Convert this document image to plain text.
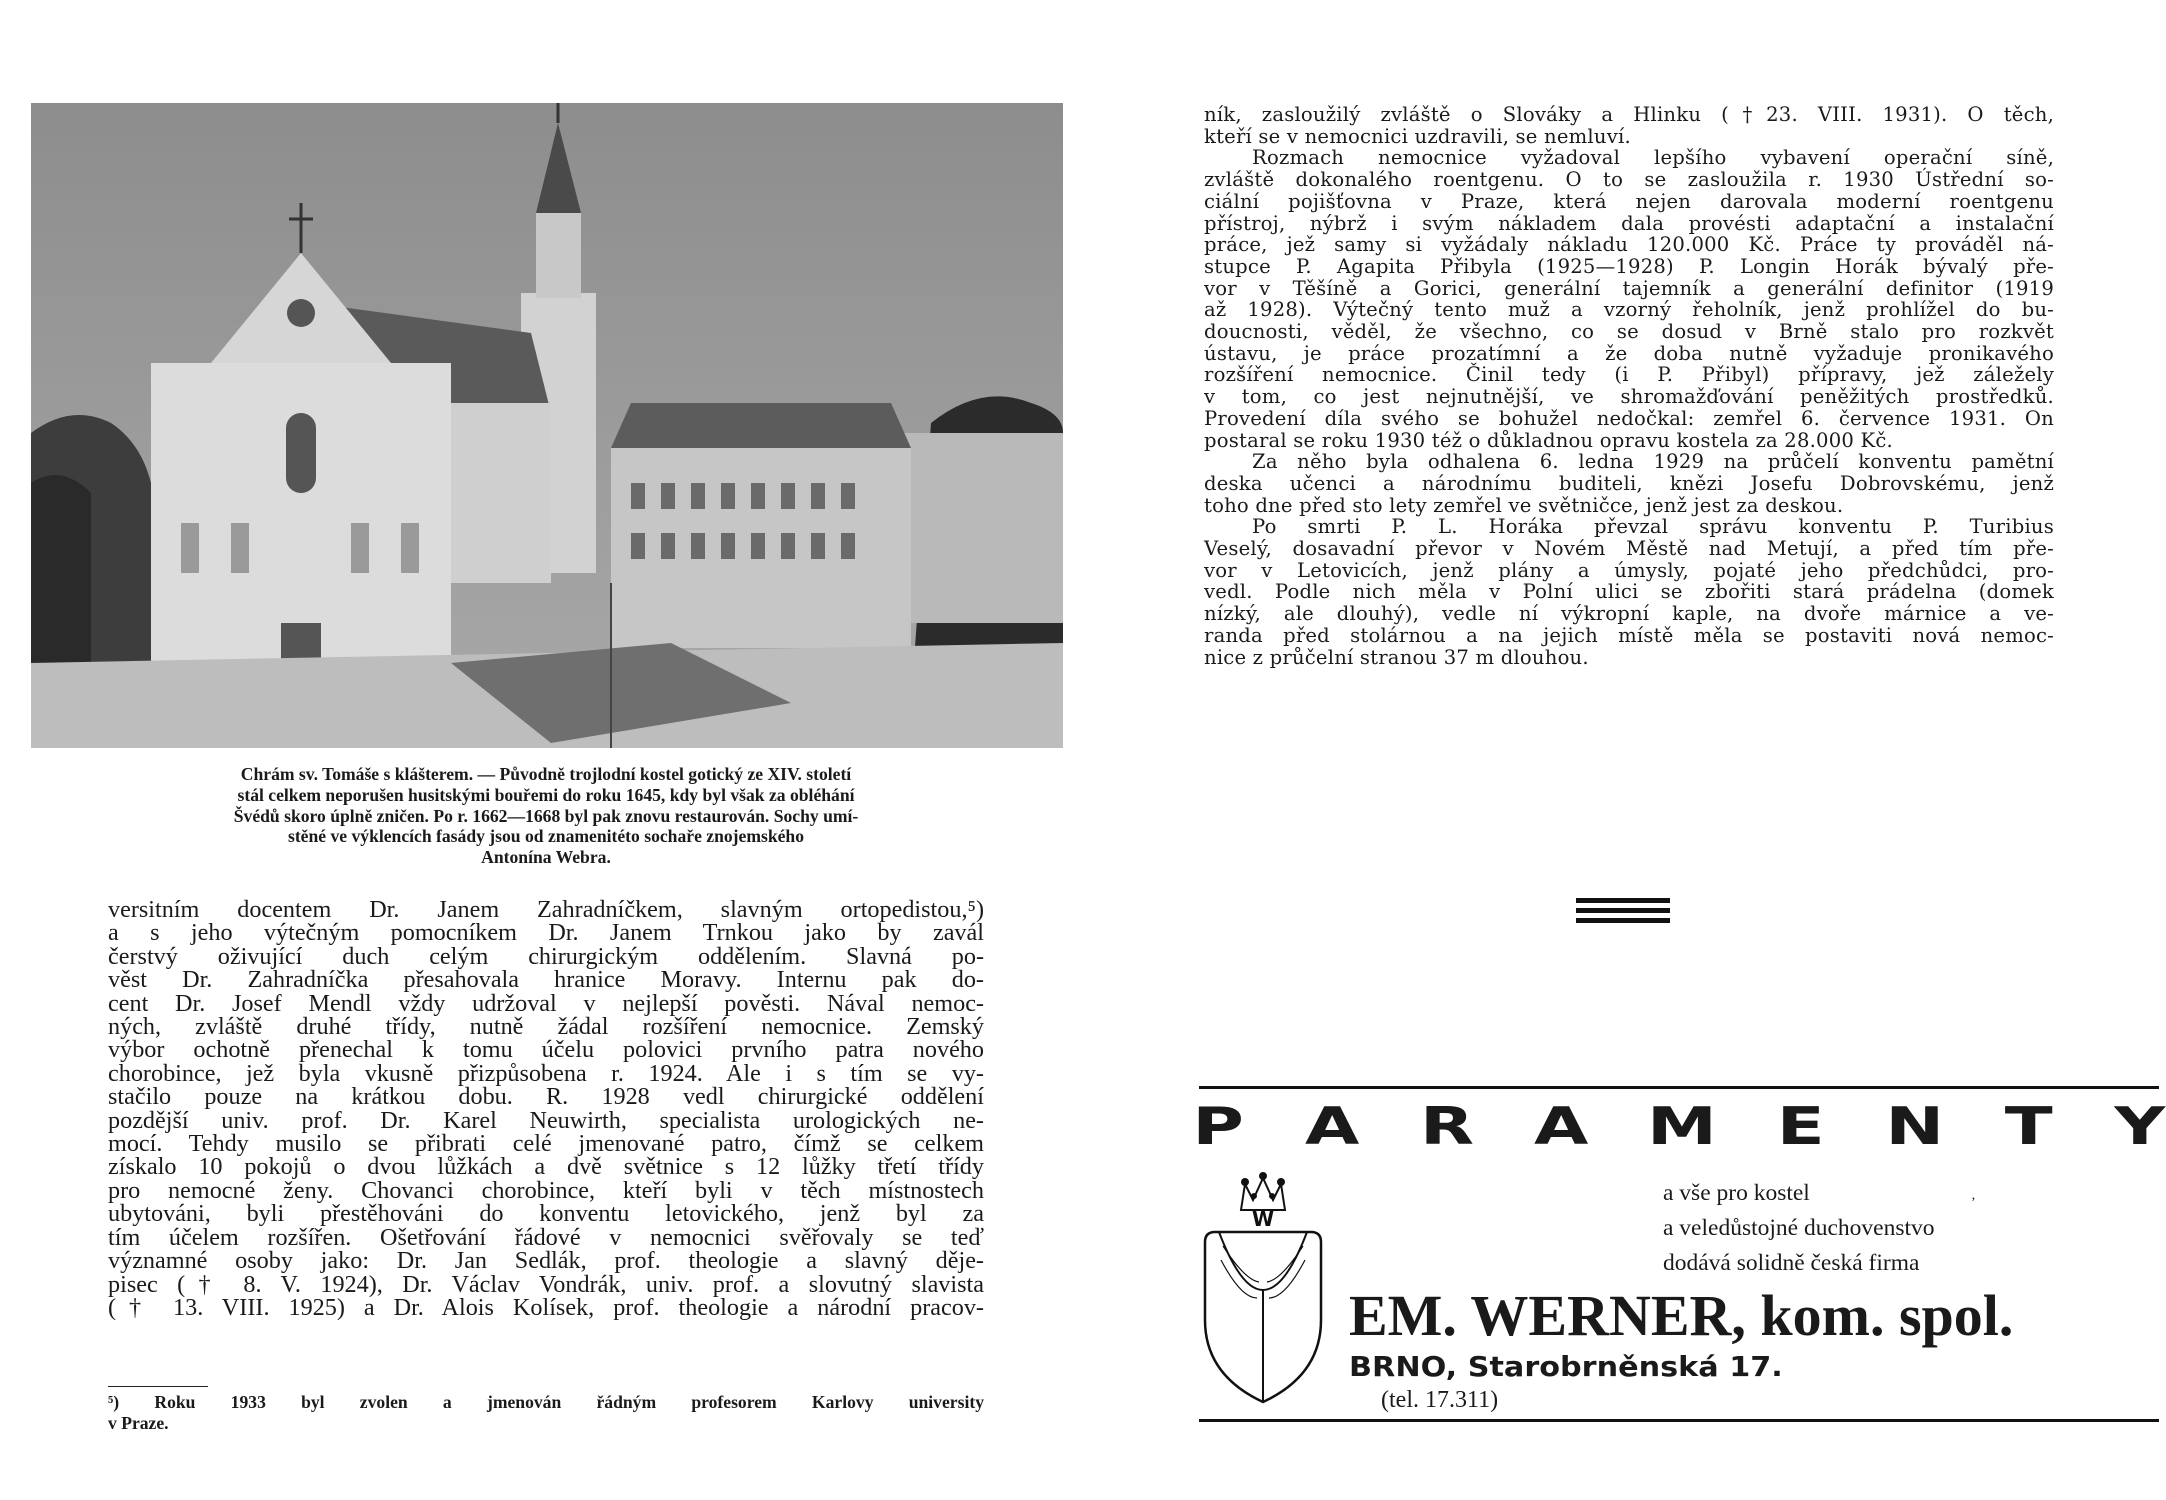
Chrám sv. Tomáše s klášterem. — Původně trojlodní kostel gotický ze XIV. století
stál celkem neporušen husitskými bouřemi do roku 1645, kdy byl však za obléhání
Švédů skoro úplně zničen. Po r. 1662—1668 byl pak znovu restaurován. Sochy umí-
stěné ve výklencích fasády jsou od znamenitéto sochaře znojemského
Antonína Webra.
versitním docentem Dr. Janem Zahradníčkem, slavným ortopedistou,⁵)
a s jeho výtečným pomocníkem Dr. Janem Trnkou jako by zavál
čerstvý oživující duch celým chirurgickým oddělením. Slavná po-
věst Dr. Zahradníčka přesahovala hranice Moravy. Internu pak do-
cent Dr. Josef Mendl vždy udržoval v nejlepší pověsti. Nával nemoc-
ných, zvláště druhé třídy, nutně žádal rozšíření nemocnice. Zemský
výbor ochotně přenechal k tomu účelu polovici prvního patra nového
chorobince, jež byla vkusně přizpůsobena r. 1924. Ale i s tím se vy-
stačilo pouze na krátkou dobu. R. 1928 vedl chirurgické oddělení
pozdější univ. prof. Dr. Karel Neuwirth, specialista urologických ne-
mocí. Tehdy musilo se přibrati celé jmenované patro, čímž se celkem
získalo 10 pokojů o dvou lůžkách a dvě světnice s 12 lůžky třetí třídy
pro nemocné ženy. Chovanci chorobince, kteří byli v těch místnostech
ubytováni, byli přestěhováni do konventu letovického, jenž byl za
tím účelem rozšířen. Ošetřování řádové v nemocnici svěřovaly se teď
významné osoby jako: Dr. Jan Sedlák, prof. theologie a slavný děje-
pisec († 8. V. 1924), Dr. Václav Vondrák, univ. prof. a slovutný slavista
(† 13. VIII. 1925) a Dr. Alois Kolísek, prof. theologie a národní pracov-
⁵) Roku 1933 byl zvolen a jmenován řádným profesorem Karlovy university
v Praze.
ník, zasloužilý zvláště o Slováky a Hlinku (†23. VIII. 1931). O těch,
kteří se v nemocnici uzdravili, se nemluví.
Rozmach nemocnice vyžadoval lepšího vybavení operační síně,
zvláště dokonalého roentgenu. O to se zasloužila r. 1930 Ústřední so-
ciální pojišťovna v Praze, která nejen darovala moderní roentgenu
přístroj, nýbrž i svým nákladem dala provésti adaptační a instalační
práce, jež samy si vyžádaly nákladu 120.000 Kč. Práce ty prováděl ná-
stupce P. Agapita Přibyla (1925—1928) P. Longin Horák bývalý pře-
vor v Těšíně a Gorici, generální tajemník a generální definitor (1919
až 1928). Výtečný tento muž a vzorný řeholník, jenž prohlížel do bu-
doucnosti, věděl, že všechno, co se dosud v Brně stalo pro rozkvět
ústavu, je práce prozatímní a že doba nutně vyžaduje pronikavého
rozšíření nemocnice. Činil tedy (i P. Přibyl) přípravy, jež záležely
v tom, co jest nejnutnější, ve shromažďování peněžitých prostředků.
Provedení díla svého se bohužel nedočkal: zemřel 6. července 1931. On
postaral se roku 1930 též o důkladnou opravu kostela za 28.000 Kč.
Za něho byla odhalena 6. ledna 1929 na průčelí konventu pamětní
deska učenci a národnímu buditeli, knězi Josefu Dobrovskému, jenž
toho dne před sto lety zemřel ve světničce, jenž jest za deskou.
Po smrti P. L. Horáka převzal správu konventu P. Turibius
Veselý, dosavadní převor v Novém Městě nad Metují, a před tím pře-
vor v Letovicích, jenž plány a úmysly, pojaté jeho předchůdci, pro-
vedl. Podle nich měla v Polní ulici se zbořiti stará prádelna (domek
nízký, ale dlouhý), vedle ní výkropní kaple, na dvoře márnice a ve-
randa před stolárnou a na jejich místě měla se postaviti nová nemoc-
nice z průčelní stranou 37 m dlouhou.
P A R A M E N T Y
W
a vše pro kostel
a veledůstojné duchovenstvo
dodává solidně česká firma
‚
EM. WERNER, kom. spol.
BRNO, Starobrněnská 17.
(tel. 17.311)
